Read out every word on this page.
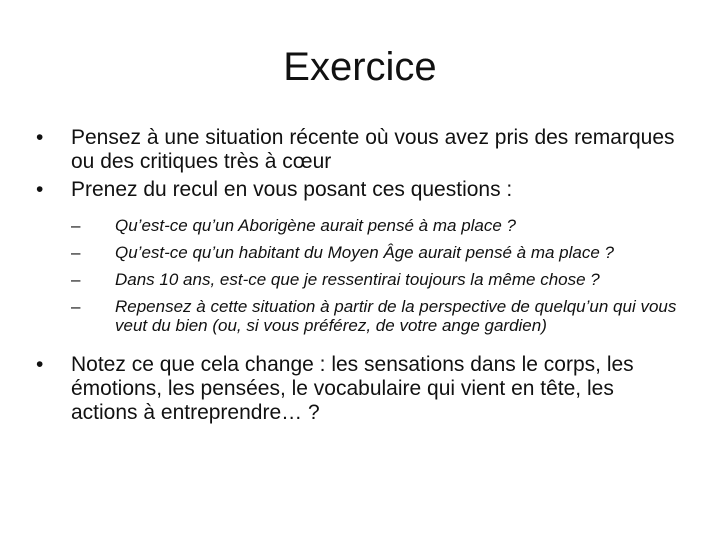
Exercice

•	Pensez à une situation récente où vous avez pris des remarques ou des critiques très à cœur

•	Prenez du recul en vous posant ces questions :

–	Qu’est-ce qu’un Aborigène aurait pensé à ma place ?

–	Qu’est-ce qu’un habitant du Moyen Âge aurait pensé à ma place ?

–	Dans 10 ans, est-ce que je ressentirai toujours la même chose ?

–	Repensez à cette situation à partir de la perspective de quelqu’un qui vous veut du bien (ou, si vous préférez, de votre ange gardien)

•	Notez ce que cela change : les sensations dans le corps, les émotions, les pensées, le vocabulaire qui vient en tête, les actions à entreprendre… ?
